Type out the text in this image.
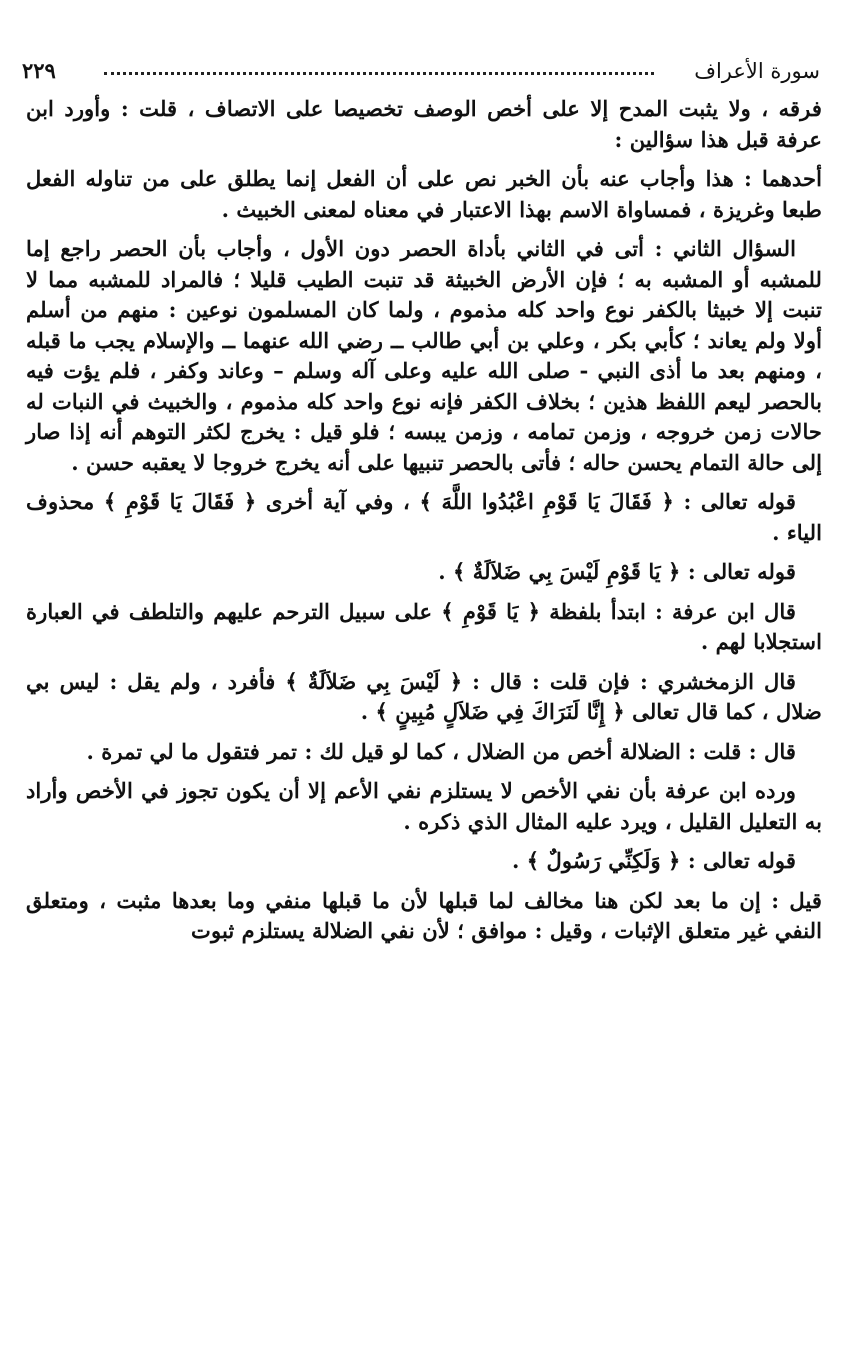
سورة الأعراف
٢٢٩

فرقه ، ولا يثبت المدح إلا على أخص الوصف تخصيصا على الاتصاف ، قلت : وأورد ابن عرفة قبل هذا سؤالين :

أحدهما : هذا وأجاب عنه بأن الخبر نص على أن الفعل إنما يطلق على من تناوله الفعل طبعا وغريزة ، فمساواة الاسم بهذا الاعتبار في معناه لمعنى الخبيث .

السؤال الثاني : أتى في الثاني بأداة الحصر دون الأول ، وأجاب بأن الحصر راجع إما للمشبه أو المشبه به ؛ فإن الأرض الخبيثة قد تنبت الطيب قليلا ؛ فالمراد للمشبه مما لا تنبت إلا خبيثا بالكفر نوع واحد كله مذموم ، ولما كان المسلمون نوعين : منهم من أسلم أولا ولم يعاند ؛ كأبي بكر ، وعلي بن أبي طالب ــ رضي الله عنهما ــ والإسلام يجب ما قبله ، ومنهم بعد ما أذى النبي - صلى الله عليه وعلى آله وسلم – وعاند وكفر ، فلم يؤت فيه بالحصر ليعم اللفظ هذين ؛ بخلاف الكفر فإنه نوع واحد كله مذموم ، والخبيث في النبات له حالات زمن خروجه ، وزمن تمامه ، وزمن يبسه ؛ فلو قيل : يخرج لكثر التوهم أنه إذا صار إلى حالة التمام يحسن حاله ؛ فأتى بالحصر تنبيها على أنه يخرج خروجا لا يعقبه حسن .

قوله تعالى : ﴿ فَقَالَ يَا قَوْمِ اعْبُدُوا اللَّهَ ﴾ ، وفي آية أخرى ﴿ فَقَالَ يَا قَوْمِ ﴾ محذوف الياء .

قوله تعالى : ﴿ يَا قَوْمِ لَيْسَ بِي ضَلاَلَةٌ ﴾ .

قال ابن عرفة : ابتدأ بلفظة ﴿ يَا قَوْمِ ﴾ على سبيل الترحم عليهم والتلطف في العبارة استجلابا لهم .

قال الزمخشري : فإن قلت : قال : ﴿ لَيْسَ بِي ضَلاَلَةٌ ﴾ فأفرد ، ولم يقل : ليس بي ضلال ، كما قال تعالى ﴿ إِنَّا لَنَرَاكَ فِي ضَلاَلٍ مُبِينٍ ﴾ .

قال : قلت : الضلالة أخص من الضلال ، كما لو قيل لك : تمر فتقول ما لي تمرة .

ورده ابن عرفة بأن نفي الأخص لا يستلزم نفي الأعم إلا أن يكون تجوز في الأخص وأراد به التعليل القليل ، ويرد عليه المثال الذي ذكره .

قوله تعالى : ﴿ وَلَكِنِّي رَسُولٌ ﴾ .

قيل : إن ما بعد لكن هنا مخالف لما قبلها لأن ما قبلها منفي وما بعدها مثبت ، ومتعلق النفي غير متعلق الإثبات ، وقيل : موافق ؛ لأن نفي الضلالة يستلزم ثبوت
